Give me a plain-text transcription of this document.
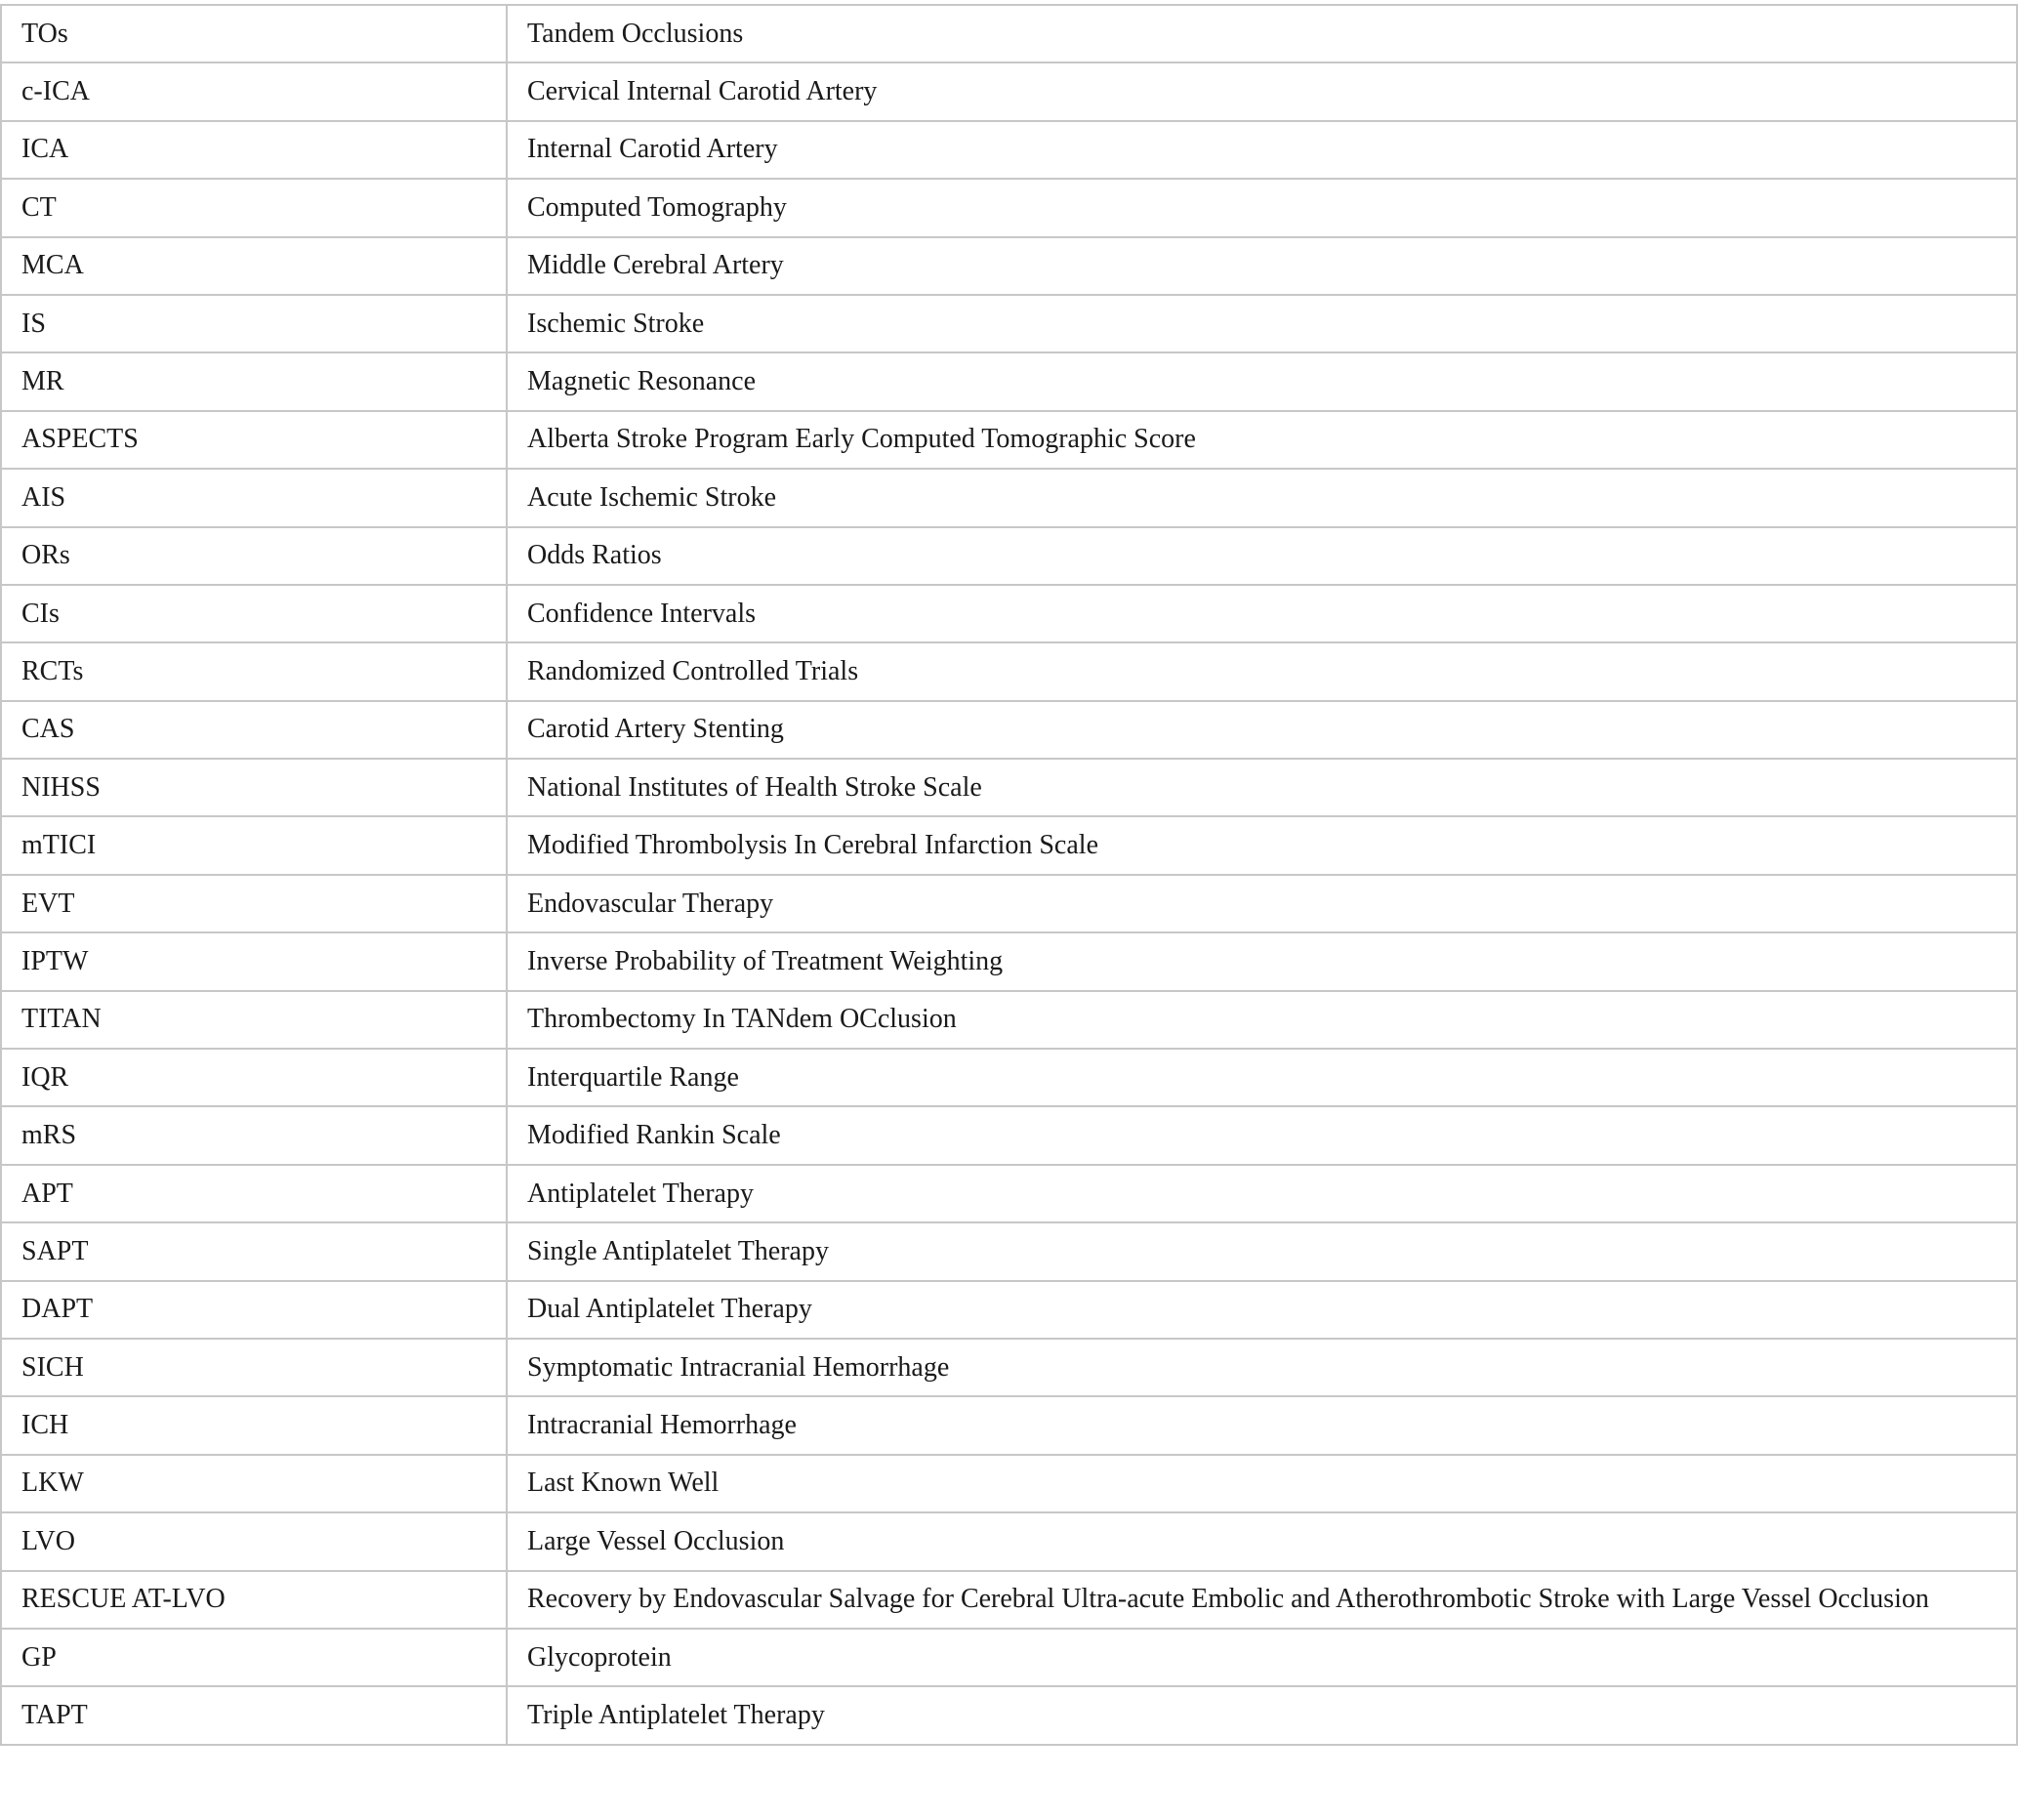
TOs	Tandem Occlusions
c-ICA	Cervical Internal Carotid Artery
ICA	Internal Carotid Artery
CT	Computed Tomography
MCA	Middle Cerebral Artery
IS	Ischemic Stroke
MR	Magnetic Resonance
ASPECTS	Alberta Stroke Program Early Computed Tomographic Score
AIS	Acute Ischemic Stroke
ORs	Odds Ratios
CIs	Confidence Intervals
RCTs	Randomized Controlled Trials
CAS	Carotid Artery Stenting
NIHSS	National Institutes of Health Stroke Scale
mTICI	Modified Thrombolysis In Cerebral Infarction Scale
EVT	Endovascular Therapy
IPTW	Inverse Probability of Treatment Weighting
TITAN	Thrombectomy In TANdem OCclusion
IQR	Interquartile Range
mRS	Modified Rankin Scale
APT	Antiplatelet Therapy
SAPT	Single Antiplatelet Therapy
DAPT	Dual Antiplatelet Therapy
SICH	Symptomatic Intracranial Hemorrhage
ICH	Intracranial Hemorrhage
LKW	Last Known Well
LVO	Large Vessel Occlusion
RESCUE AT-LVO	Recovery by Endovascular Salvage for Cerebral Ultra-acute Embolic and Atherothrombotic Stroke with Large Vessel Occlusion
GP	Glycoprotein
TAPT	Triple Antiplatelet Therapy
